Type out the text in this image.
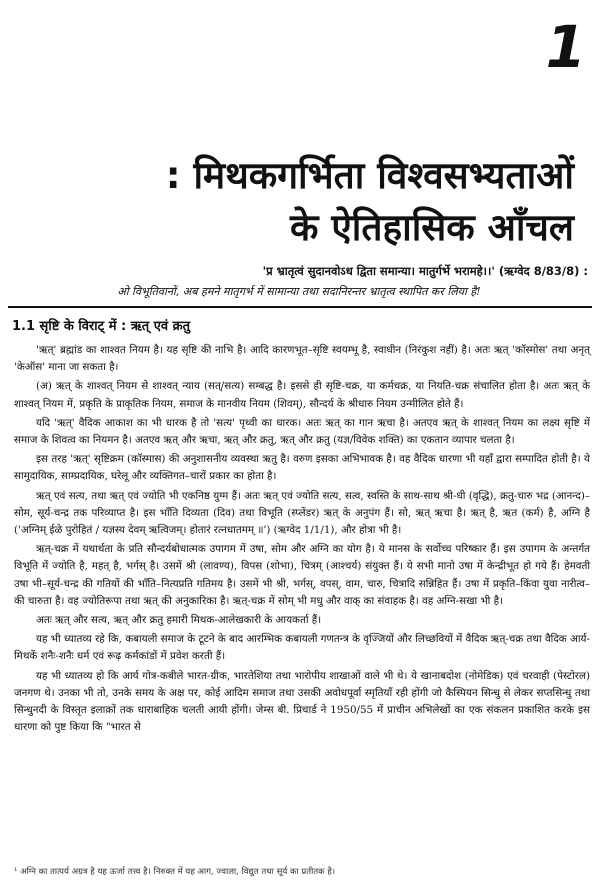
1
: मिथकगर्भिता विश्वसभ्यताओं
के ऐतिहासिक आँचल
'प्र भ्रातृत्वं सुदानवोऽध द्विता समान्या। मातुर्गर्भे भरामहे।।' (ऋग्वेद 8/83/8) :
ओ विभूतिवानों, अब हमने मातृगर्भ में सामान्या तथा सदानिरन्तर भ्रातृत्व स्थापित कर लिया है!
1.1 सृष्टि के विराट् में : ऋत् एवं क्रतु

'ऋत्' ब्रह्मांड का शाश्वत नियम है। यह सृष्टि की नाभि है। आदि कारणभूत–सृष्टि स्वयम्भू है, स्वाधीन (निरंकुश नहीं) है। अतः ऋत् 'कॉस्मोस' तथा अनृत् 'केऑस' माना जा सकता है।

(अ) ऋत् के शाश्वत् नियम से शाश्वत् न्याय (सत्/सत्य) सम्बद्ध है। इससे ही सृष्टि-चक्र, या कर्मचक्र, या नियति-चक्र संचालित होता है। अतः ऋत् के शाश्वत् नियम में, प्रकृति के प्राकृतिक नियम, समाज के मानवीय नियम (शिवम्), सौन्दर्य के श्रीधारु नियम उन्मीलित होते हैं।

यदि 'ऋत्' वैदिक आकाश का भी धारक है तो 'सत्य' पृथ्वी का धारक। अतः ऋत् का गान ऋचा है। अतएव ऋत् के शाश्वत् नियम का लक्ष्य सृष्टि में समाज के शिवत्व का नियमन है। अतएव ऋत् और ऋचा, ऋत् और क्रतु, ऋत् और क्रतु (यज्ञ/विवेक शक्ति) का एकतान व्यापार चलता है।

इस तरह 'ऋत्' सृष्टिक्रम (कॉस्मास) की अनुशासनीय व्यवस्था ऋतु है। वरुण इसका अभिभावक है। वह वैदिक धारणा भी यहाँ द्वारा सम्पादित होती है। ये सामुदायिक, साम्प्रदायिक, घरेलू और व्यक्तिगत–चारों प्रकार का होता है।

ऋत् एवं सत्य, तथा ऋत् एवं ज्योति भी एकनिष्ठ युग्म हैं। अतः ऋत् एवं ज्योति सत्य, सत्व, स्वस्ति के साथ-साथ श्री-धी (वृद्धि), क्रतु-चारु भद्र (आनन्द)–सोम, सूर्य-चन्द्र तक परिव्याप्त है। इस भाँति दिव्यता (दिव) तथा विभूति (स्प्लेंडर) ऋत् के अनुपंग हैं। सो, ऋत् ऋचा है। ऋत् है, ऋत (कर्म) है, अग्नि है ('अग्निम् ईळे पुरोहितं / यज्ञस्य देवम् ऋत्विजम्। होतारं रत्नधातमम् ॥') (ऋग्वेद 1/1/1), और होत्रा भी है।

ऋत्-चक्र में यथार्थता के प्रति सौन्दर्यबोधात्मक उपागम में उषा, सोम और अग्नि का योग है। ये मानस के सर्वोच्च परिष्कार हैं। इस उपागम के अन्तर्गत विभूति में ज्योति है, महत् है, भर्गस् है। उसमें श्री (लावण्य), विपस (शोभा), चित्रम् (आश्चर्य) संयुक्त हैं। ये सभी मानो उषा में केन्द्रीभूत हो गये हैं। हेमवती उषा भी–सूर्य-चन्द्र की गतियों की भाँति–नित्यप्रति गतिमय है। उसमें भी श्री, भर्गस्, वपस्, वाम, चारु, चित्रादि सन्निहित हैं। उषा में प्रकृति–किंवा युवा नारीत्व–की चारुता है। वह ज्योतिरूपा तथा ऋत् की अनुकारिका है। ऋत्-चक्र में सोम् भी मधु और वाक् का संवाहक है। वह अग्नि-सखा भी है।

अतः ऋत् और सत्य, ऋत् और क्रतु हमारी मिथक-आलेखकारी के आयकर्ता हैं।

यह भी ध्यातव्य रहे कि, कबायली समाज के टूटने के बाद आरम्भिक कबायली गणतन्त्र के वृज्जियों और लिच्छवियों में वैदिक ऋत्-चक्र तथा वैदिक आर्य-मिथकें शनैः-शनैः धर्म एवं रूढ़ कर्मकांडों में प्रवेश करती हैं।

यह भी ध्यातव्य हो कि आर्य गोत्र-कबीले भारत-ग्रीक, भारतेशिया तथा भारोपीय शाखाओं वाले भी थे। ये खानाबदोश (नोमेडिक) एवं चरवाही (पेस्टोरल) जनगण थे। उनका भी तो, उनके समय के अक्ष पर, कोई आदिम समाज तथा उसकी अवोधपूर्वा स्मृतियाँ रही होंगी जो कैस्पियन सिन्धु से लेकर सप्तसिन्धु तथा सिन्धुनदी के विस्तृत इलाक़ों तक धाराबाहिक चलती आयी होंगी। जेम्स बी. प्रिचार्ड ने 1950/55 में प्राचीन अभिलेखों का एक संकलन प्रकाशित करके इस धारणा को पुष्ट किया कि "भारत से

¹ अग्नि का तात्पर्य अग्रत्र है यह ऊर्जा तत्त्व है। निरुक्त में यह आग, ज्वाला, विद्युत तथा सूर्य का प्रतीतक है।
